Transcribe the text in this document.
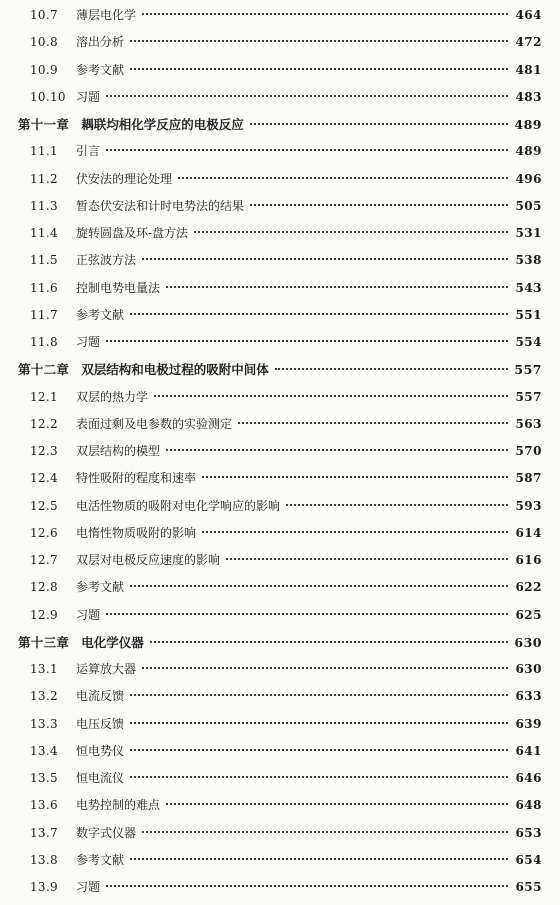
10.7	薄层电化学	464
10.8	溶出分析	472
10.9	参考文献	481
10.10 习题	483
第十一章 耦联均相化学反应的电极反应	489
11.1	引言	489
11.2	伏安法的理论处理	496
11.3	暂态伏安法和计时电势法的结果	505
11.4	旋转圆盘及环-盘方法	531
11.5	正弦波方法	538
11.6	控制电势电量法	543
11.7	参考文献	551
11.8	习题	554
第十二章 双层结构和电极过程的吸附中间体	557
12.1	双层的热力学	557
12.2	表面过剩及电参数的实验测定	563
12.3	双层结构的模型	570
12.4	特性吸附的程度和速率	587
12.5	电活性物质的吸附对电化学响应的影响	593
12.6	电惰性物质吸附的影响	614
12.7	双层对电极反应速度的影响	616
12.8	参考文献	622
12.9	习题	625
第十三章 电化学仪器	630
13.1	运算放大器	630
13.2	电流反馈	633
13.3	电压反馈	639
13.4	恒电势仪	641
13.5	恒电流仪	646
13.6	电势控制的难点	648
13.7	数字式仪器	653
13.8	参考文献	654
13.9	习题	655
